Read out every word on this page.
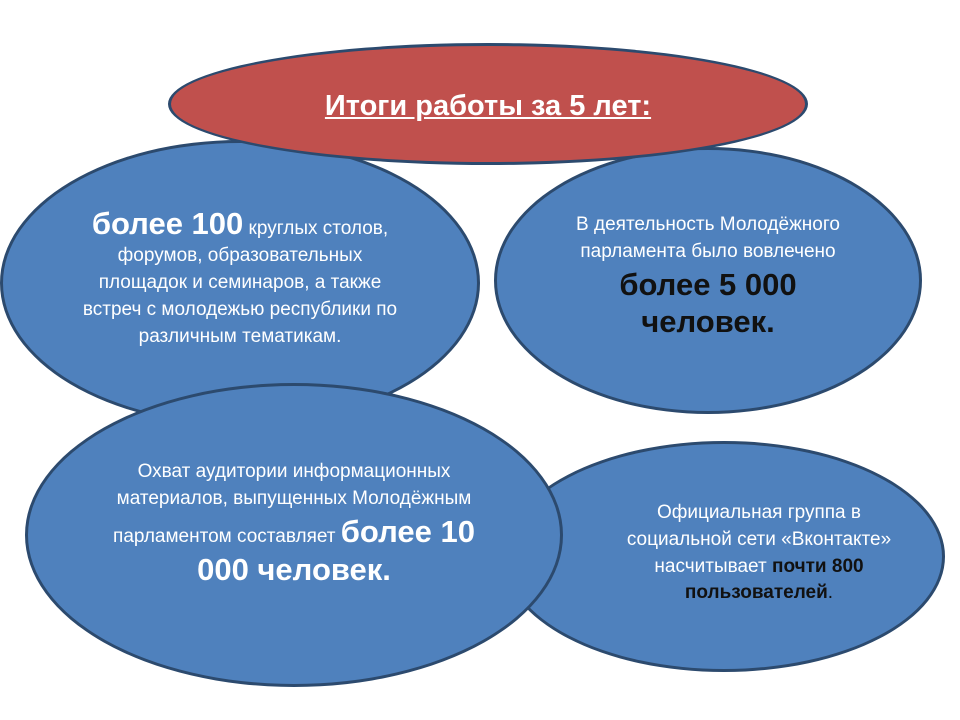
более 100 круглых столов, форумов, образовательных площадок и семинаров, а также встреч с молодежью республики по различным тематикам.
В деятельность Молодёжного парламента было вовлечено более 5 000 человек.
Официальная группа в социальной сети «Вконтакте» насчитывает почти 800 пользователей.
Охват аудитории информационных материалов, выпущенных Молодёжным парламентом составляет более 10 000 человек.
Итоги работы за 5 лет:
